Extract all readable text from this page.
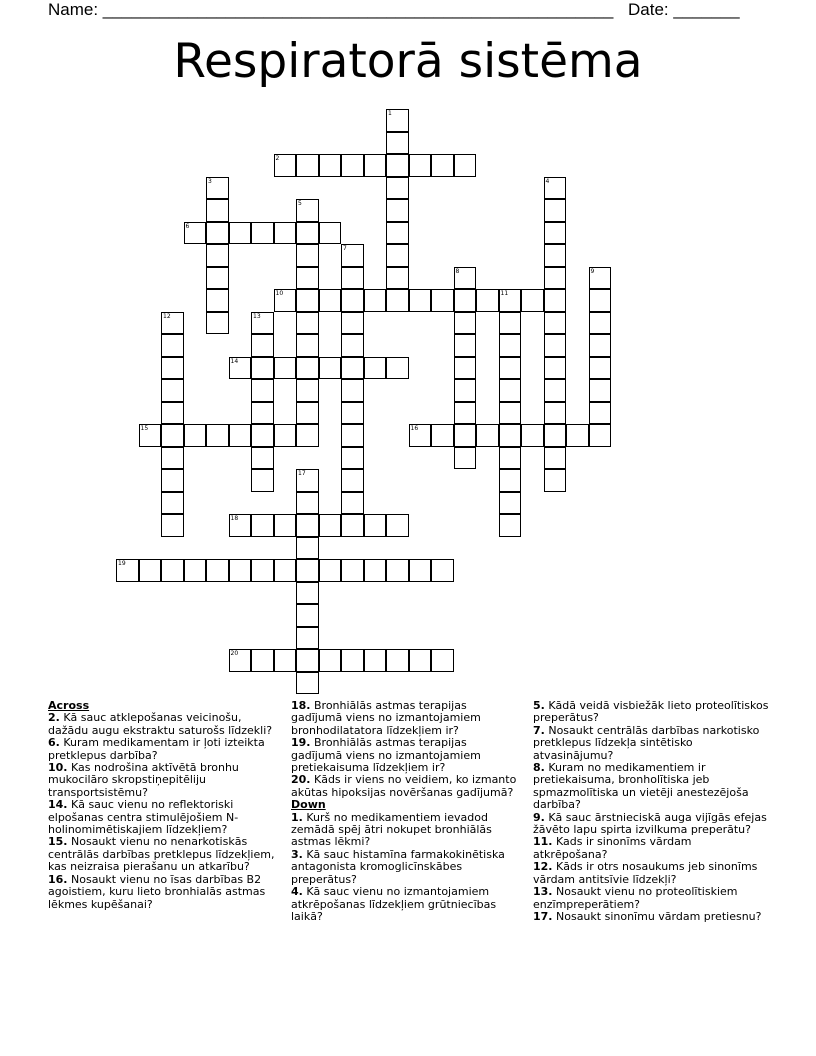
Name: ______________________________________________________ Date: _______
Respiratorā sistēma
1
2
3	4
5
6
7
8	9
10	11
12	13
14
15	16
17
18
19
20

Across

2. Kā sauc atklepošanas veicinošu, dažādu augu ekstraktu saturošs līdzekli?

6. Kuram medikamentam ir ļoti izteikta pretklepus darbība?

10. Kas nodrošina aktīvētā bronhu mukocilāro skropstiņepitēliju transportsistēmu?

14. Kā sauc vienu no reflektoriski elpošanas centra stimulējošiem N-holinomimētiskajiem līdzekļiem?

15. Nosaukt vienu no nenarkotiskās centrālās darbības pretklepus līdzekļiem, kas neizraisa pierašanu un atkarību?

16. Nosaukt vienu no īsas darbības B2 agoistiem, kuru lieto bronhialās astmas lēkmes kupēšanai?

18. Bronhiālās astmas terapijas gadījumā viens no izmantojamiem bronhodilatatora līdzekļiem ir?

19. Bronhiālās astmas terapijas gadījumā viens no izmantojamiem pretiekaisuma līdzekļiem ir?

20. Kāds ir viens no veidiem, ko izmanto akūtas hipoksijas novēršanas gadījumā?

Down

1. Kurš no medikamentiem ievadod zemādā spēj ātri nokupet bronhiālās astmas lēkmi?

3. Kā sauc histamīna farmakokinētiska antagonista kromoglicīnskābes preperātus?

4. Kā sauc vienu no izmantojamiem atkrēpošanas līdzekļiem grūtniecības laikā?

5. Kādā veidā visbiežāk lieto proteolītiskos preperātus?

7. Nosaukt centrālās darbības narkotisko pretklepus līdzekļa sintētisko atvasinājumu?

8. Kuram no medikamentiem ir pretiekaisuma, bronholītiska jeb spmazmolītiska un vietēji anestezējoša darbība?

9. Kā sauc ārstnieciskā auga vijīgās efejas žāvēto lapu spirta izvilkuma preperātu?

11. Kads ir sinonīms vārdam atkrēpošana?

12. Kāds ir otrs nosaukums jeb sinonīms vārdam antitsīvie līdzekļi?

13. Nosaukt vienu no proteolītiskiem enzīmpreperātiem?

17. Nosaukt sinonīmu vārdam pretiesnu?
